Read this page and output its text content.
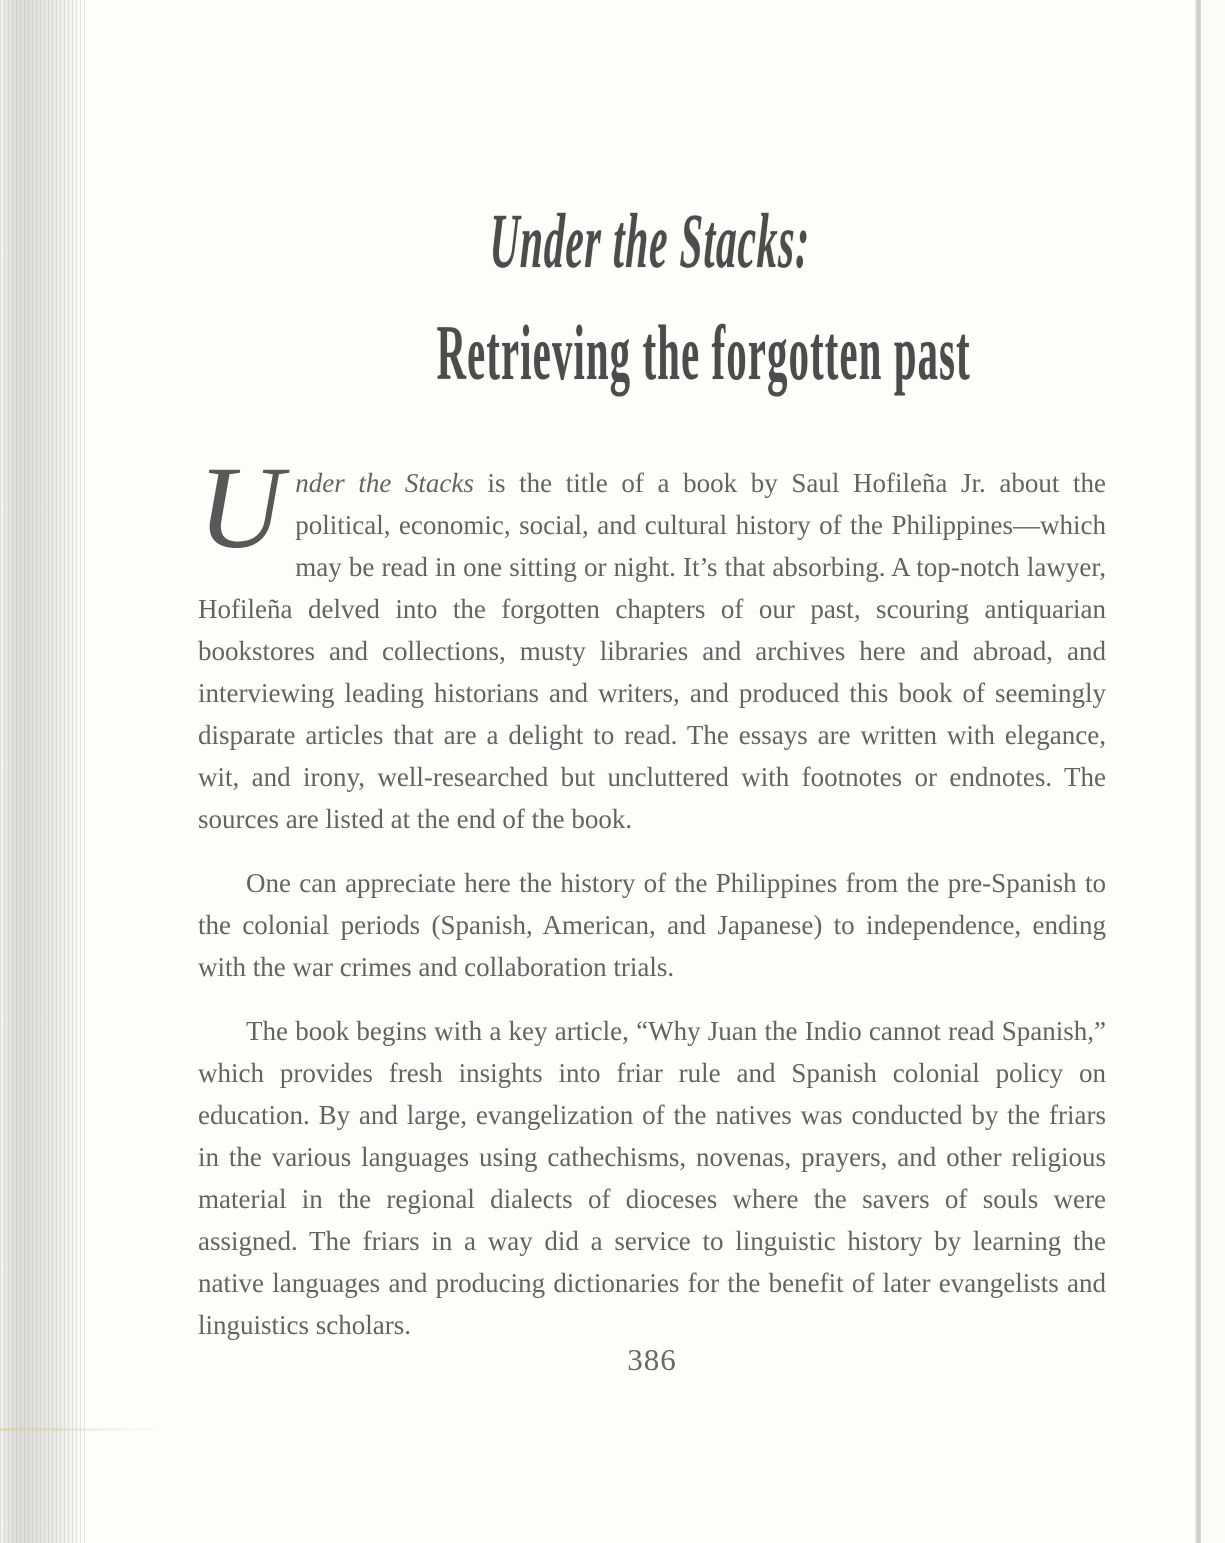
Under the Stacks:
Retrieving the forgotten past

Under the Stacks is the title of a book by Saul Hofileña Jr. about the political, economic, social, and cultural history of the Philippines—which may be read in one sitting or night. It’s that absorbing. A top-notch lawyer, Hofileña delved into the forgotten chapters of our past, scouring antiquarian bookstores and collections, musty libraries and archives here and abroad, and interviewing leading historians and writers, and produced this book of seemingly disparate articles that are a delight to read. The essays are written with elegance, wit, and irony, well-researched but uncluttered with footnotes or endnotes. The sources are listed at the end of the book.

One can appreciate here the history of the Philippines from the pre-Spanish to the colonial periods (Spanish, American, and Japanese) to independence, ending with the war crimes and collaboration trials.

The book begins with a key article, “Why Juan the Indio cannot read Spanish,” which provides fresh insights into friar rule and Spanish colonial policy on education. By and large, evangelization of the natives was conducted by the friars in the various languages using cathechisms, novenas, prayers, and other religious material in the regional dialects of dioceses where the savers of souls were assigned. The friars in a way did a service to linguistic history by learning the native languages and producing dictionaries for the benefit of later evangelists and linguistics scholars.

386
